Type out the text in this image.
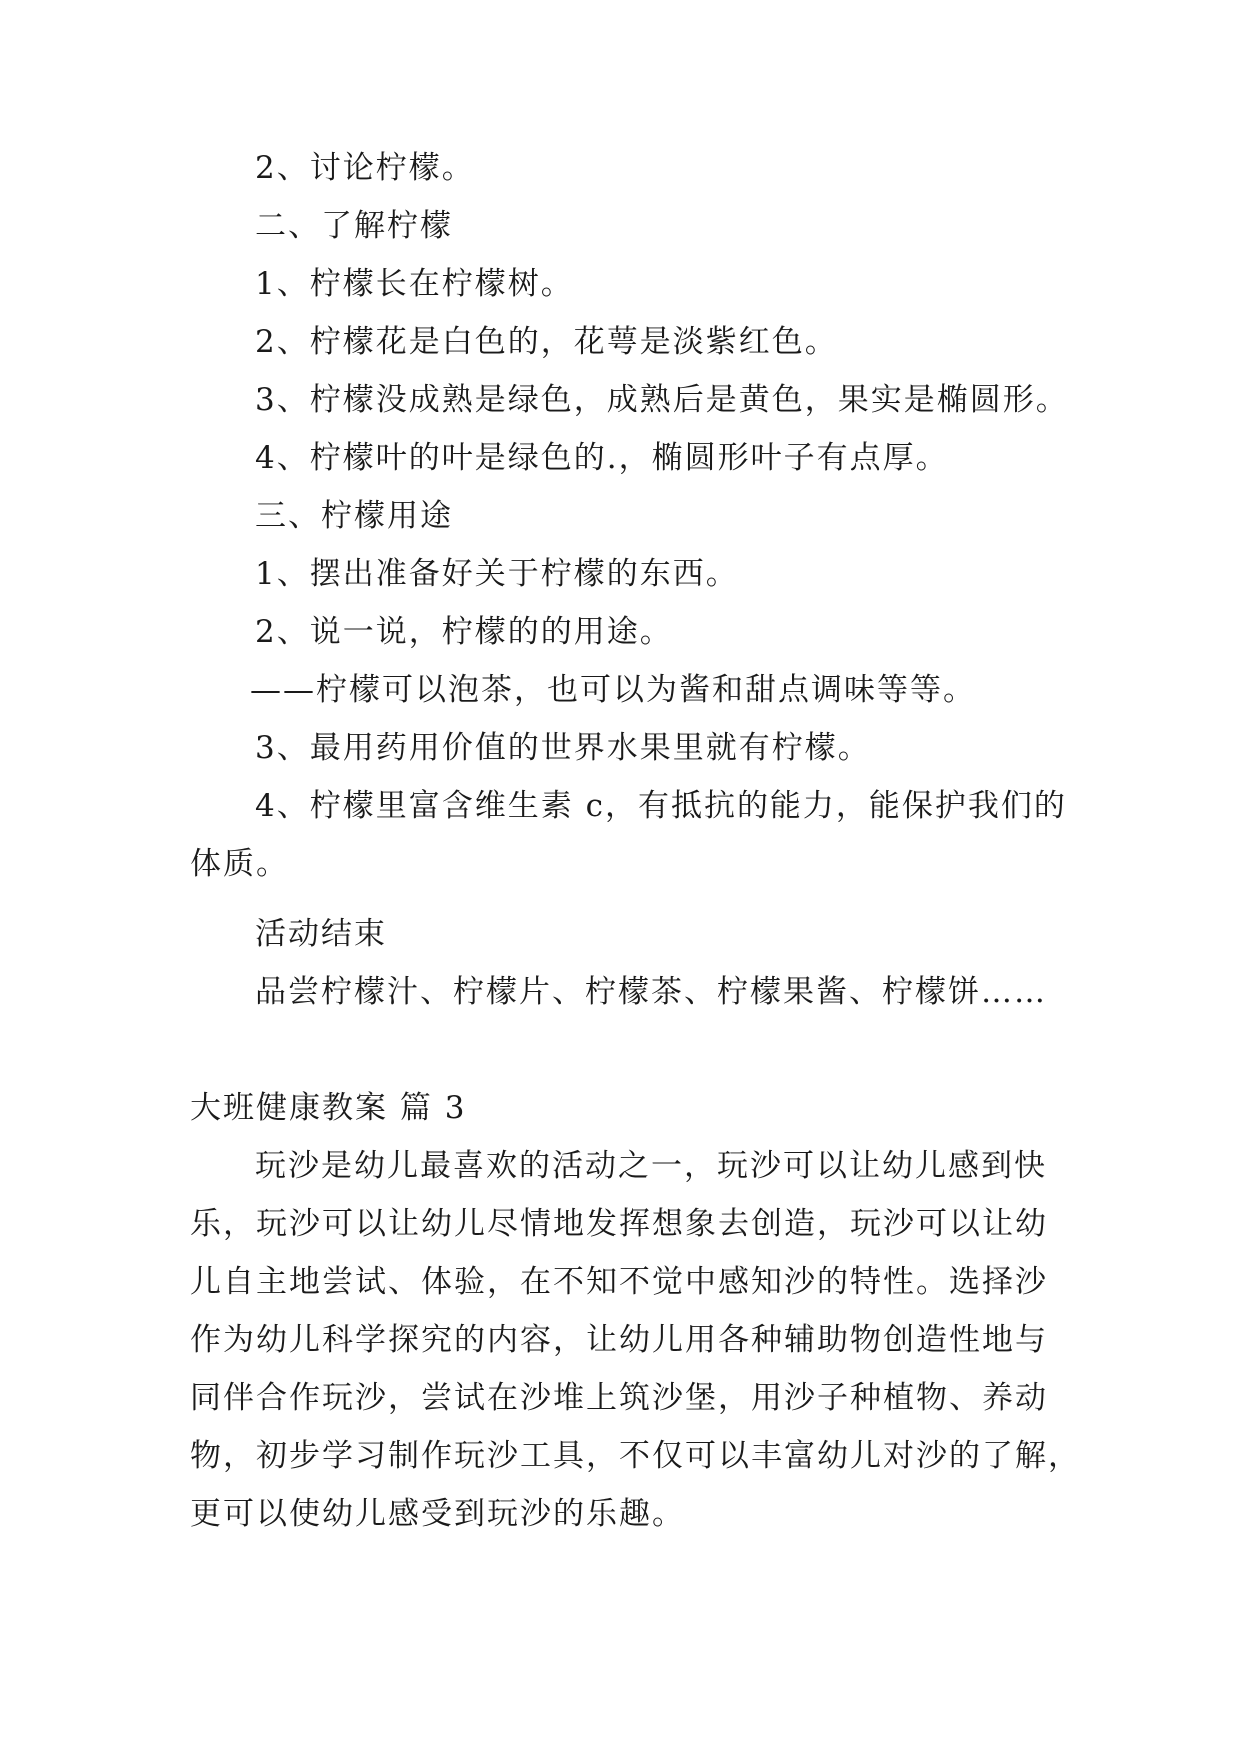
2、讨论柠檬。
二、了解柠檬
1、柠檬长在柠檬树。
2、柠檬花是白色的，花萼是淡紫红色。
3、柠檬没成熟是绿色，成熟后是黄色，果实是椭圆形。
4、柠檬叶的叶是绿色的.，椭圆形叶子有点厚。
三、柠檬用途
1、摆出准备好关于柠檬的东西。
2、说一说，柠檬的的用途。
——柠檬可以泡茶，也可以为酱和甜点调味等等。
3、最用药用价值的世界水果里就有柠檬。
4、柠檬里富含维生素 c，有抵抗的能力，能保护我们的
体质。
活动结束
品尝柠檬汁、柠檬片、柠檬茶、柠檬果酱、柠檬饼……
大班健康教案 篇 3
玩沙是幼儿最喜欢的活动之一，玩沙可以让幼儿感到快
乐，玩沙可以让幼儿尽情地发挥想象去创造，玩沙可以让幼
儿自主地尝试、体验，在不知不觉中感知沙的特性。选择沙
作为幼儿科学探究的内容，让幼儿用各种辅助物创造性地与
同伴合作玩沙，尝试在沙堆上筑沙堡，用沙子种植物、养动
物，初步学习制作玩沙工具，不仅可以丰富幼儿对沙的了解，
更可以使幼儿感受到玩沙的乐趣。
